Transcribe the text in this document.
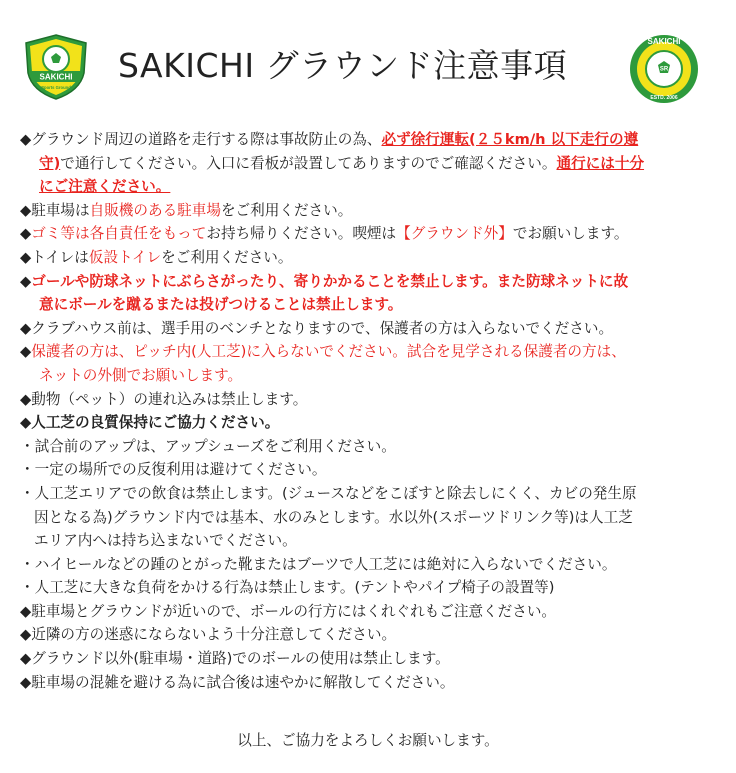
SAKICHI
Sports Ground
SAKICHI グラウンド注意事項	SR
SAKICHI
ESTD. 2006
◆グラウンド周辺の道路を走行する際は事故防止の為、必ず徐行運転(２５km/h 以下走行の遵
守)で通行してください。入口に看板が設置してありますのでご確認ください。通行には十分
にご注意ください。
◆駐車場は自販機のある駐車場をご利用ください。
◆ゴミ等は各自責任をもってお持ち帰りください。喫煙は【グラウンド外】でお願いします。
◆トイレは仮設トイレをご利用ください。
◆ゴールや防球ネットにぶらさがったり、寄りかかることを禁止します。また防球ネットに故
意にボールを蹴るまたは投げつけることは禁止します。
◆クラブハウス前は、選手用のベンチとなりますので、保護者の方は入らないでください。
◆保護者の方は、ピッチ内(人工芝)に入らないでください。試合を見学される保護者の方は、
ネットの外側でお願いします。
◆動物（ペット）の連れ込みは禁止します。
◆人工芝の良質保持にご協力ください。
・試合前のアップは、アップシューズをご利用ください。
・一定の場所での反復利用は避けてください。
・人工芝エリアでの飲食は禁止します。(ジュースなどをこぼすと除去しにくく、カビの発生原
因となる為)グラウンド内では基本、水のみとします。水以外(スポーツドリンク等)は人工芝
エリア内へは持ち込まないでください。
・ハイヒールなどの踵のとがった靴またはブーツで人工芝には絶対に入らないでください。
・人工芝に大きな負荷をかける行為は禁止します。(テントやパイプ椅子の設置等)
◆駐車場とグラウンドが近いので、ボールの行方にはくれぐれもご注意ください。
◆近隣の方の迷惑にならないよう十分注意してください。
◆グラウンド以外(駐車場・道路)でのボールの使用は禁止します。
◆駐車場の混雑を避ける為に試合後は速やかに解散してください。
以上、ご協力をよろしくお願いします。
